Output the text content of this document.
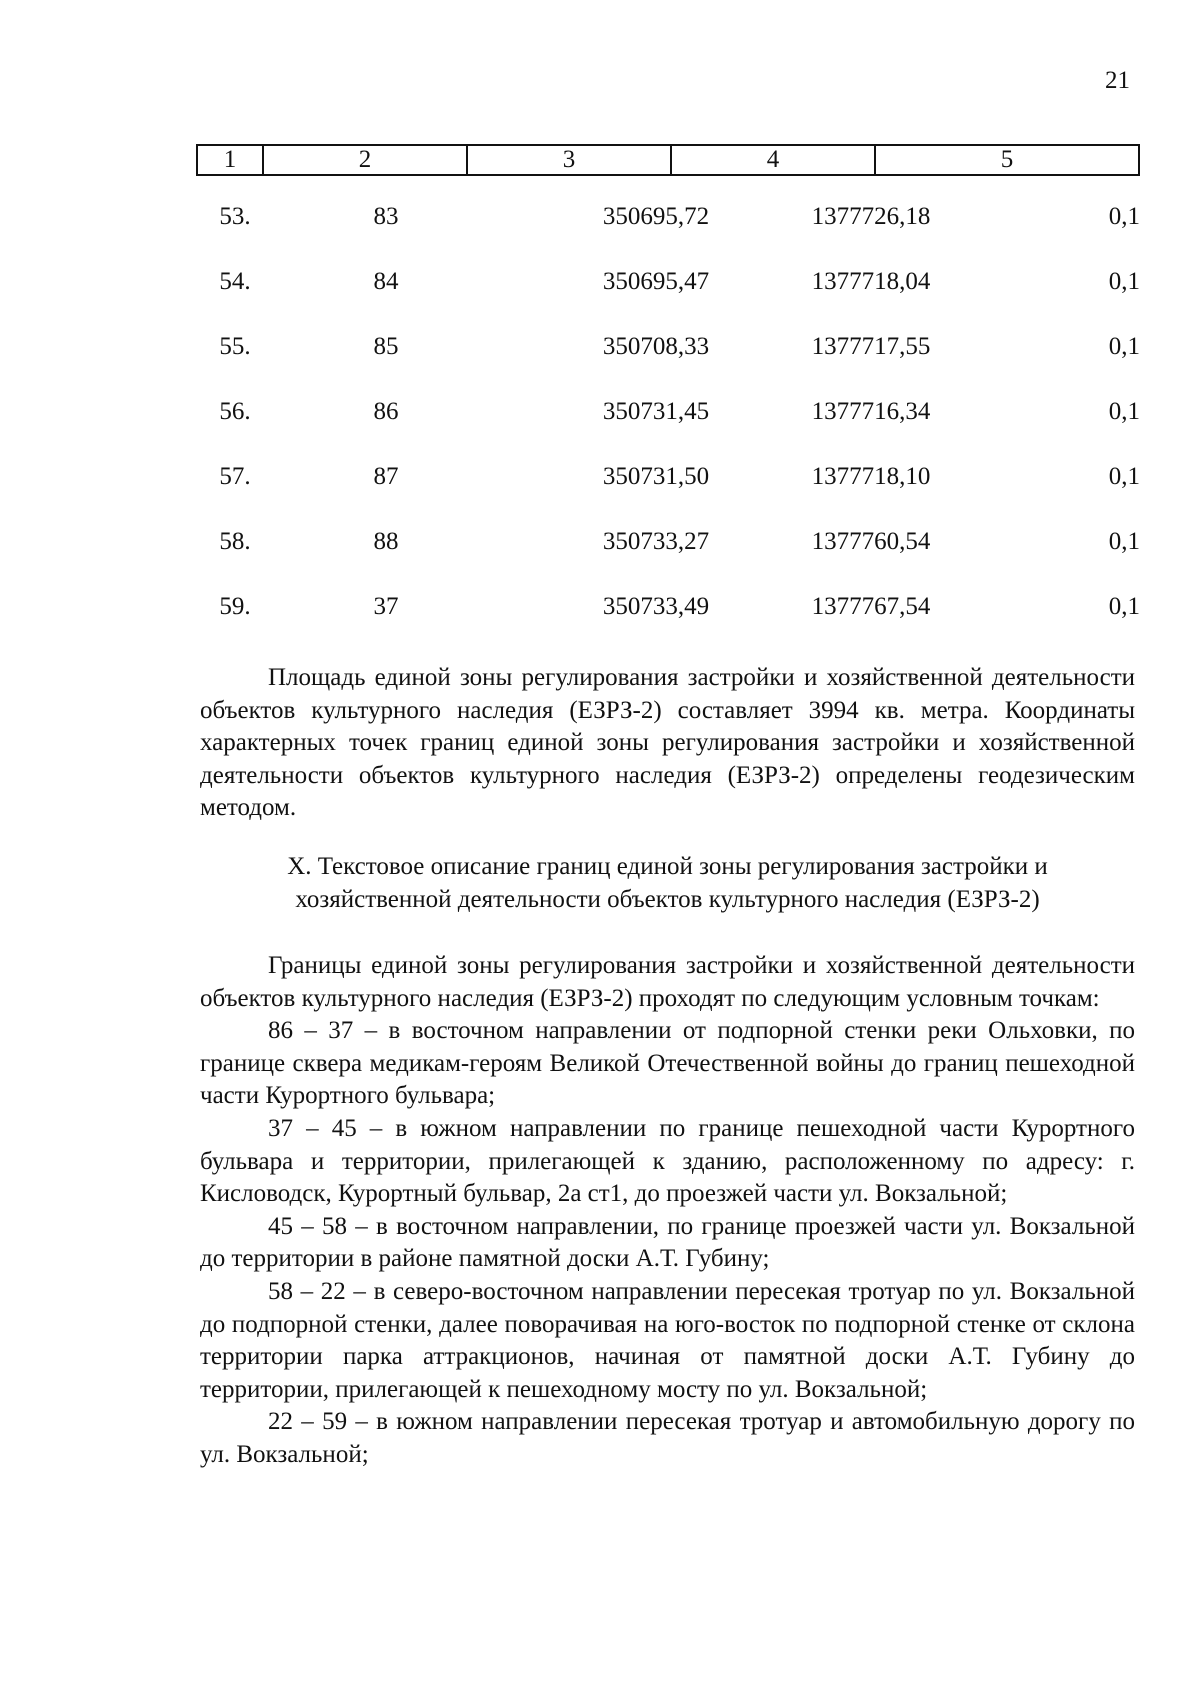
21
1	2	3	4	5
53.	83	350695,72	1377726,18	0,1
54.	84	350695,47	1377718,04	0,1
55.	85	350708,33	1377717,55	0,1
56.	86	350731,45	1377716,34	0,1
57.	87	350731,50	1377718,10	0,1
58.	88	350733,27	1377760,54	0,1
59.	37	350733,49	1377767,54	0,1

Площадь единой зоны регулирования застройки и хозяйственной деятельности объектов культурного наследия (ЕЗРЗ-2) составляет 3994 кв. метра. Координаты характерных точек границ единой зоны регулирования застройки и хозяйственной деятельности объектов культурного наследия (ЕЗРЗ-2) определены геодезическим методом.

X. Текстовое описание границ единой зоны регулирования застройки и
хозяйственной деятельности объектов культурного наследия (ЕЗРЗ-2)

Границы единой зоны регулирования застройки и хозяйственной деятельности объектов культурного наследия (ЕЗРЗ-2) проходят по следующим условным точкам:

86 – 37 – в восточном направлении от подпорной стенки реки Ольховки, по границе сквера медикам-героям Великой Отечественной войны до границ пешеходной части Курортного бульвара;

37 – 45 – в южном направлении по границе пешеходной части Курортного бульвара и территории, прилегающей к зданию, расположенному по адресу: г. Кисловодск, Курортный бульвар, 2а ст1, до проезжей части ул. Вокзальной;

45 – 58 – в восточном направлении, по границе проезжей части ул. Вокзальной до территории в районе памятной доски А.Т. Губину;

58 – 22 – в северо-восточном направлении пересекая тротуар по ул. Вокзальной до подпорной стенки, далее поворачивая на юго-восток по подпорной стенке от склона территории парка аттракционов, начиная от памятной доски А.Т. Губину до территории, прилегающей к пешеходному мосту по ул. Вокзальной;

22 – 59 – в южном направлении пересекая тротуар и автомобильную дорогу по ул. Вокзальной;
